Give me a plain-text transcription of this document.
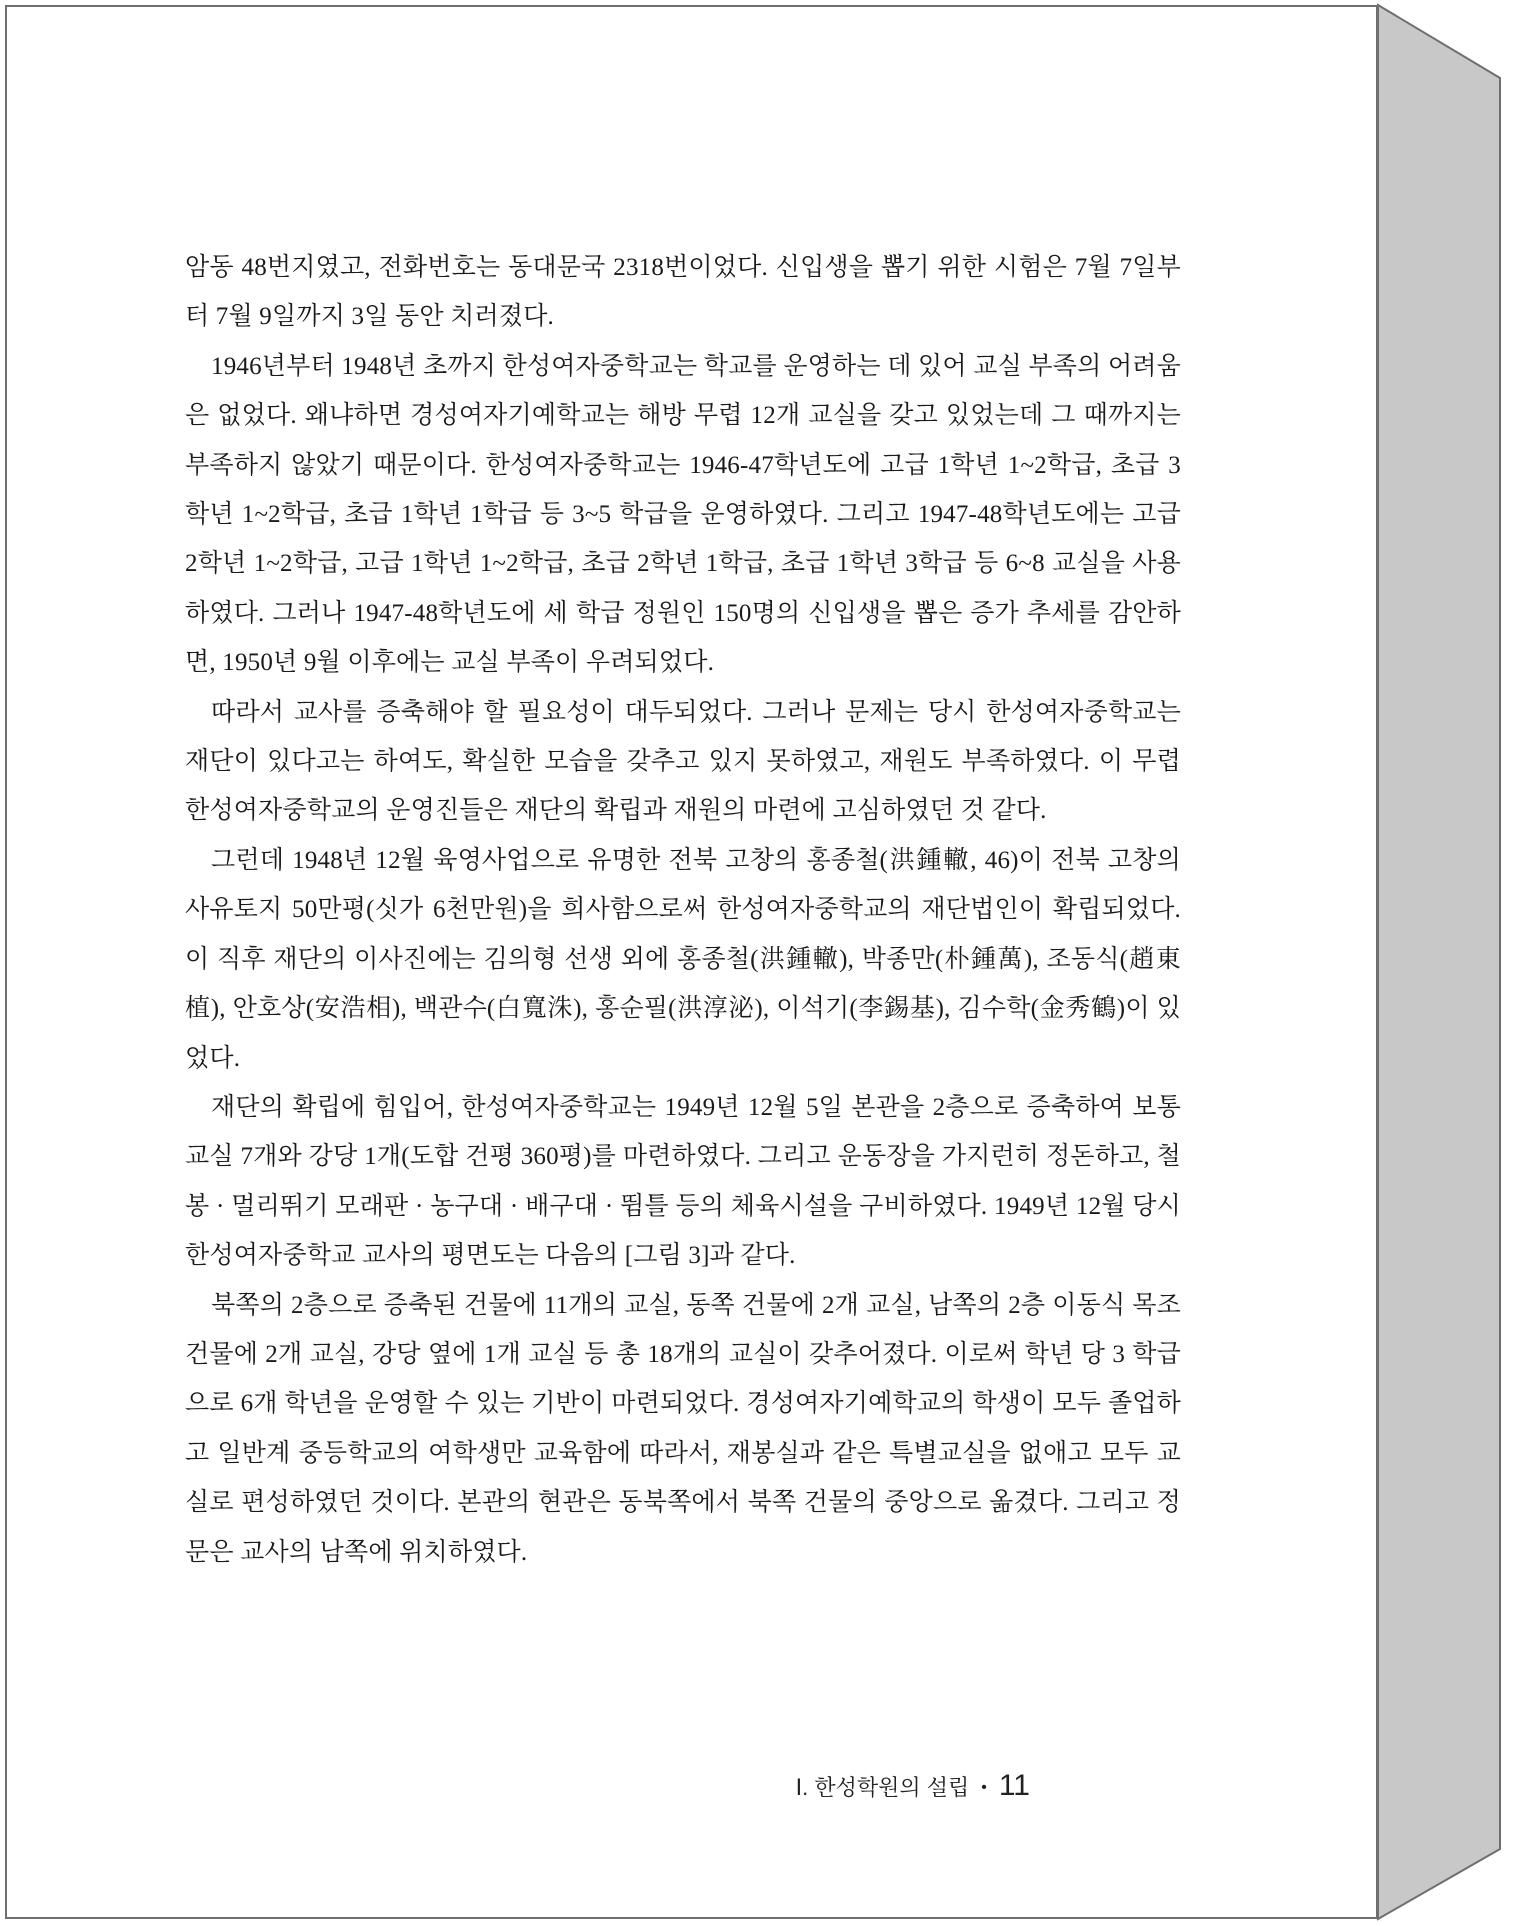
암동 48번지였고, 전화번호는 동대문국 2318번이었다. 신입생을 뽑기 위한 시험은 7월 7일부터 7월 9일까지 3일 동안 치러졌다.

1946년부터 1948년 초까지 한성여자중학교는 학교를 운영하는 데 있어 교실 부족의 어려움은 없었다. 왜냐하면 경성여자기예학교는 해방 무렵 12개 교실을 갖고 있었는데 그 때까지는 부족하지 않았기 때문이다. 한성여자중학교는 1946-47학년도에 고급 1학년 1~2학급, 초급 3학년 1~2학급, 초급 1학년 1학급 등 3~5 학급을 운영하였다. 그리고 1947-48학년도에는 고급 2학년 1~2학급, 고급 1학년 1~2학급, 초급 2학년 1학급, 초급 1학년 3학급 등 6~8 교실을 사용하였다. 그러나 1947-48학년도에 세 학급 정원인 150명의 신입생을 뽑은 증가 추세를 감안하면, 1950년 9월 이후에는 교실 부족이 우려되었다.

따라서 교사를 증축해야 할 필요성이 대두되었다. 그러나 문제는 당시 한성여자중학교는 재단이 있다고는 하여도, 확실한 모습을 갖추고 있지 못하였고, 재원도 부족하였다. 이 무렵 한성여자중학교의 운영진들은 재단의 확립과 재원의 마련에 고심하였던 것 같다.

그런데 1948년 12월 육영사업으로 유명한 전북 고창의 홍종철(洪鍾轍, 46)이 전북 고창의 사유토지 50만평(싯가 6천만원)을 희사함으로써 한성여자중학교의 재단법인이 확립되었다. 이 직후 재단의 이사진에는 김의형 선생 외에 홍종철(洪鍾轍), 박종만(朴鍾萬), 조동식(趙東植), 안호상(安浩相), 백관수(白寬洙), 홍순필(洪淳泌), 이석기(李錫基), 김수학(金秀鶴)이 있었다.

재단의 확립에 힘입어, 한성여자중학교는 1949년 12월 5일 본관을 2층으로 증축하여 보통 교실 7개와 강당 1개(도합 건평 360평)를 마련하였다. 그리고 운동장을 가지런히 정돈하고, 철봉 · 멀리뛰기 모래판 · 농구대 · 배구대 · 뜀틀 등의 체육시설을 구비하였다. 1949년 12월 당시 한성여자중학교 교사의 평면도는 다음의 [그림 3]과 같다.

북쪽의 2층으로 증축된 건물에 11개의 교실, 동쪽 건물에 2개 교실, 남쪽의 2층 이동식 목조건물에 2개 교실, 강당 옆에 1개 교실 등 총 18개의 교실이 갖추어졌다. 이로써 학년 당 3 학급으로 6개 학년을 운영할 수 있는 기반이 마련되었다. 경성여자기예학교의 학생이 모두 졸업하고 일반계 중등학교의 여학생만 교육함에 따라서, 재봉실과 같은 특별교실을 없애고 모두 교실로 편성하였던 것이다. 본관의 현관은 동북쪽에서 북쪽 건물의 중앙으로 옮겼다. 그리고 정문은 교사의 남쪽에 위치하였다.

Ⅰ. 한성학원의 설립 • 11
